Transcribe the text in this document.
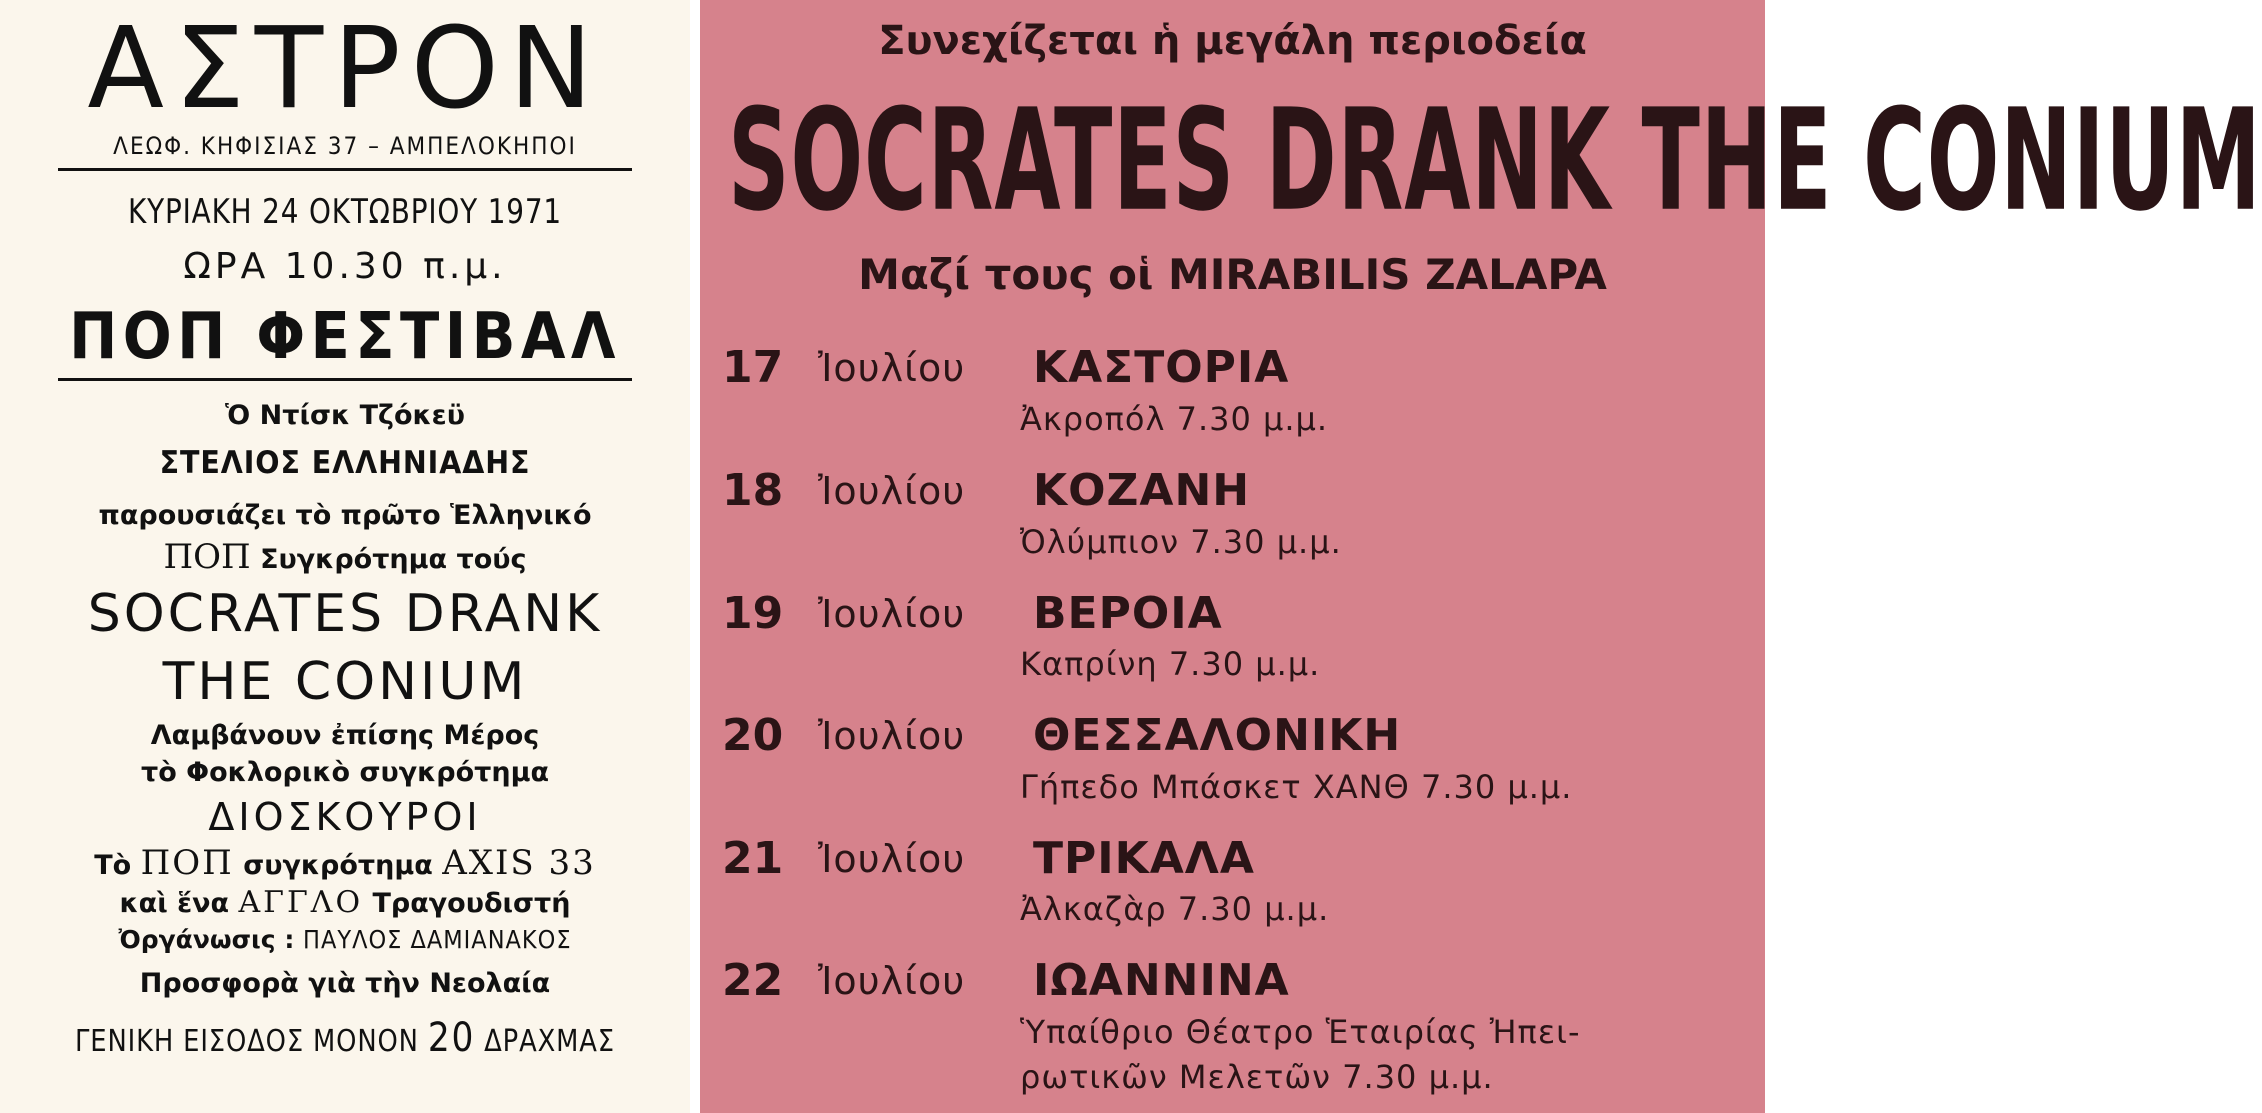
ΑΣΤΡΟΝ
ΛΕΩΦ. ΚΗΦΙΣΙΑΣ 37 – ΑΜΠΕΛΟΚΗΠΟΙ
ΚΥΡΙΑΚΗ 24 ΟΚΤΩΒΡΙΟΥ 1971
ΩΡΑ 10.30 π.μ.
ΠΟΠ ΦΕΣΤΙΒΑΛ
Ὁ Ντίσκ Τζόκεϋ
ΣΤΕΛΙΟΣ ΕΛΛΗΝΙΑΔΗΣ
παρουσιάζει τὸ πρῶτο Ἑλληνικό
ΠΟΠ Συγκρότημα τούς
SOCRATES DRANK
THE CONIUM
Λαμβάνουν ἐπίσης Μέρος
τὸ Φοκλορικὸ συγκρότημα
ΔΙΟΣΚΟΥΡΟΙ
Τὸ ΠΟΠ συγκρότημα AXIS 33
καὶ ἕνα ΑΓΓΛΟ Τραγουδιστή
Ὀργάνωσις : ΠΑΥΛΟΣ ΔΑΜΙΑΝΑΚΟΣ
Προσφορὰ γιὰ τὴν Νεολαία
ΓΕΝΙΚΗ ΕΙΣΟΔΟΣ ΜΟΝΟΝ 20 ΔΡΑΧΜΑΣ
Συνεχίζεται ἡ μεγάλη περιοδεία
SOCRATES DRANK THE CONIUM
Μαζί τους οἱ MIRABILIS ZALAPA
17 Ἰουλίου ΚΑΣΤΟΡΙΑ
Ἀκροπόλ 7.30 μ.μ.
18 Ἰουλίου ΚΟΖΑΝΗ
Ὀλύμπιον 7.30 μ.μ.
19 Ἰουλίου ΒΕΡΟΙΑ
Καπρίνη 7.30 μ.μ.
20 Ἰουλίου ΘΕΣΣΑΛΟΝΙΚΗ
Γήπεδο Μπάσκετ ΧΑΝΘ 7.30 μ.μ.
21 Ἰουλίου ΤΡΙΚΑΛΑ
Ἀλκαζὰρ 7.30 μ.μ.
22 Ἰουλίου ΙΩΑΝΝΙΝΑ
Ὑπαίθριο Θέατρο Ἑταιρίας Ἠπει-
ρωτικῶν Μελετῶν 7.30 μ.μ.
